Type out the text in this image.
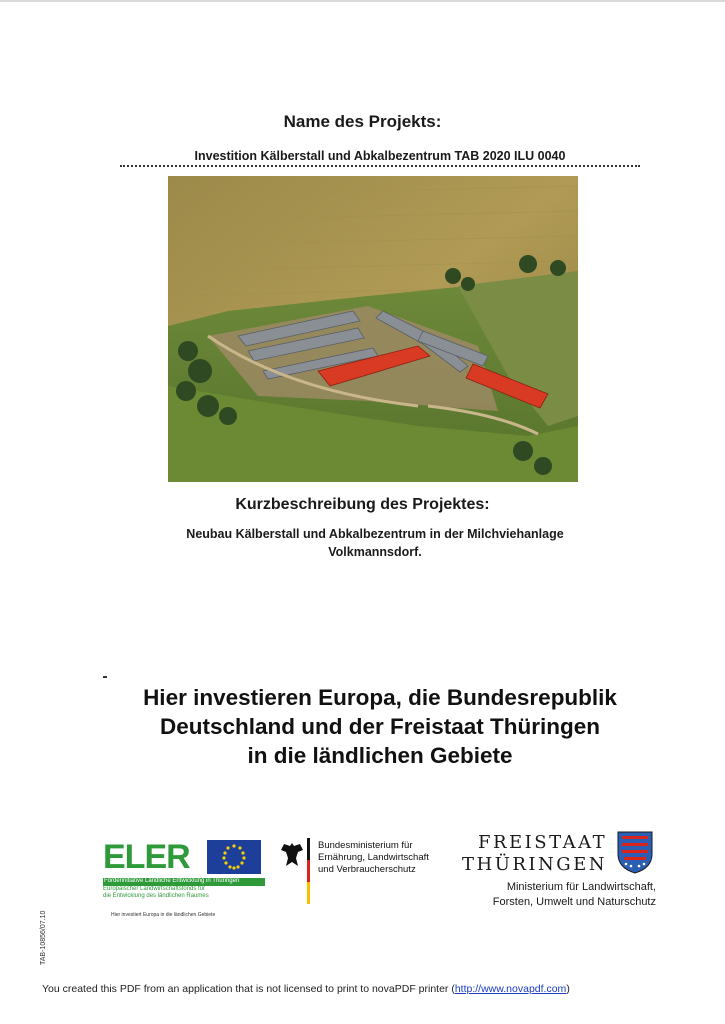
Name des Projekts:
Investition Kälberstall und Abkalbezentrum TAB 2020 ILU 0040
Kurzbeschreibung des Projektes:
Neubau Kälberstall und Abkalbezentrum in der Milchviehanlage
Volkmannsdorf.
Hier investieren Europa, die Bundesrepublik
Deutschland und der Freistaat Thüringen
in die ländlichen Gebiete
ELER
Förderinitiative Ländliche Entwicklung in Thüringen
Europäischer Landwirtschaftsfonds für
die Entwicklung des ländlichen Raumes
Hier investiert Europa in die ländlichen Gebiete
Bundesministerium für
Ernährung, Landwirtschaft
und Verbraucherschutz
FREISTAAT
THÜRINGEN
Ministerium für Landwirtschaft,
Forsten, Umwelt und Naturschutz
TAB-10856/07.10
You created this PDF from an application that is not licensed to print to novaPDF printer (http://www.novapdf.com)
